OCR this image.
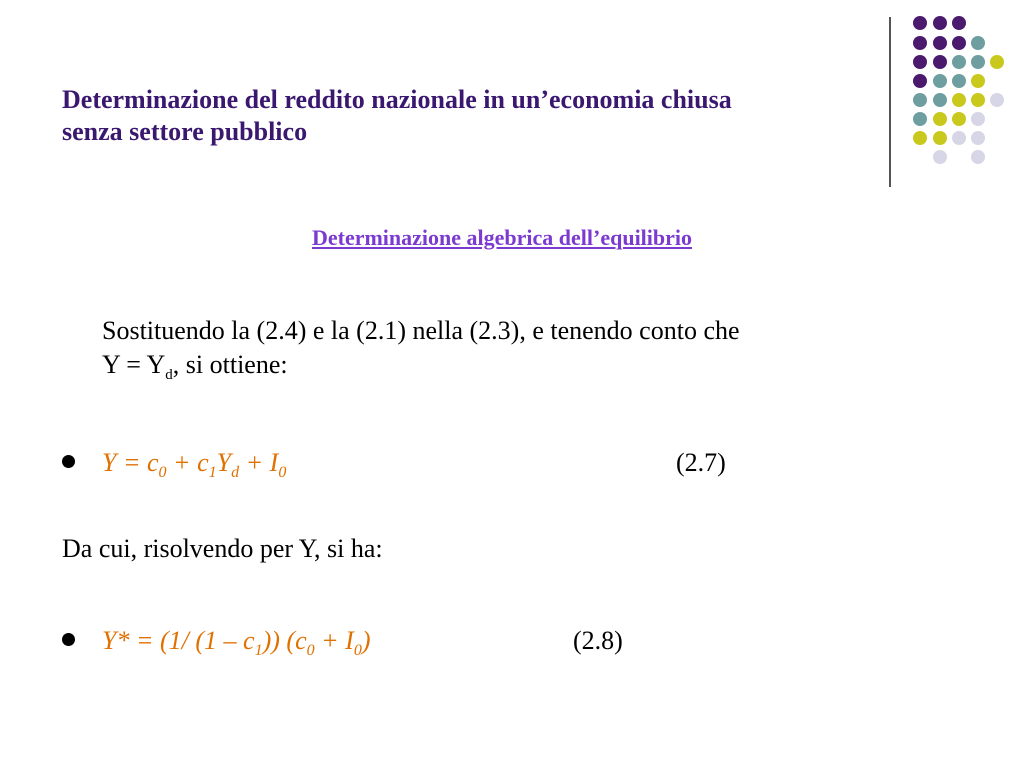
Determinazione del reddito nazionale in un’economia chiusa
senza settore pubblico
Determinazione algebrica dell’equilibrio
Sostituendo la (2.4) e la (2.1) nella (2.3), e tenendo conto che
$Y = Y_d$, si ottiene:
$Y = c_0 + c_1Y_d + I_0$	(2.7)
Da cui, risolvendo per Y, si ha:
Y* = (1/ $(1 - c_1)$) $(c_0 + I_0)$	(2.8)
